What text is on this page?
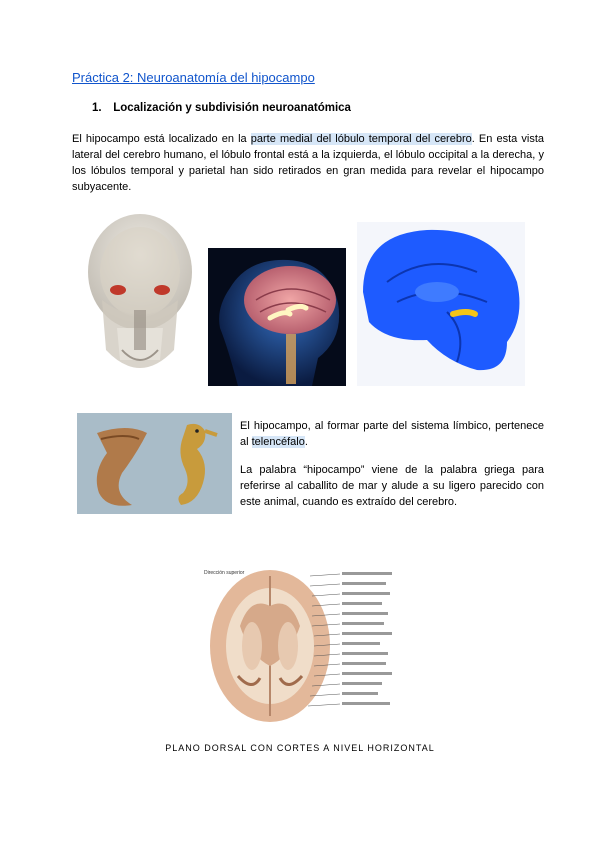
Práctica 2: Neuroanatomía del hipocampo
1. Localización y subdivisión neuroanatómica
El hipocampo está localizado en la parte medial del lóbulo temporal del cerebro. En esta vista lateral del cerebro humano, el lóbulo frontal está a la izquierda, el lóbulo occipital a la derecha, y los lóbulos temporal y parietal han sido retirados en gran medida para revelar el hipocampo subyacente.
El hipocampo, al formar parte del sistema límbico, pertenece al telencéfalo.
La palabra “hipocampo” viene de la palabra griega para referirse al caballito de mar y alude a su ligero parecido con este animal, cuando es extraído del cerebro.
Dirección superior
PLANO DORSAL CON CORTES A NIVEL HORIZONTAL
